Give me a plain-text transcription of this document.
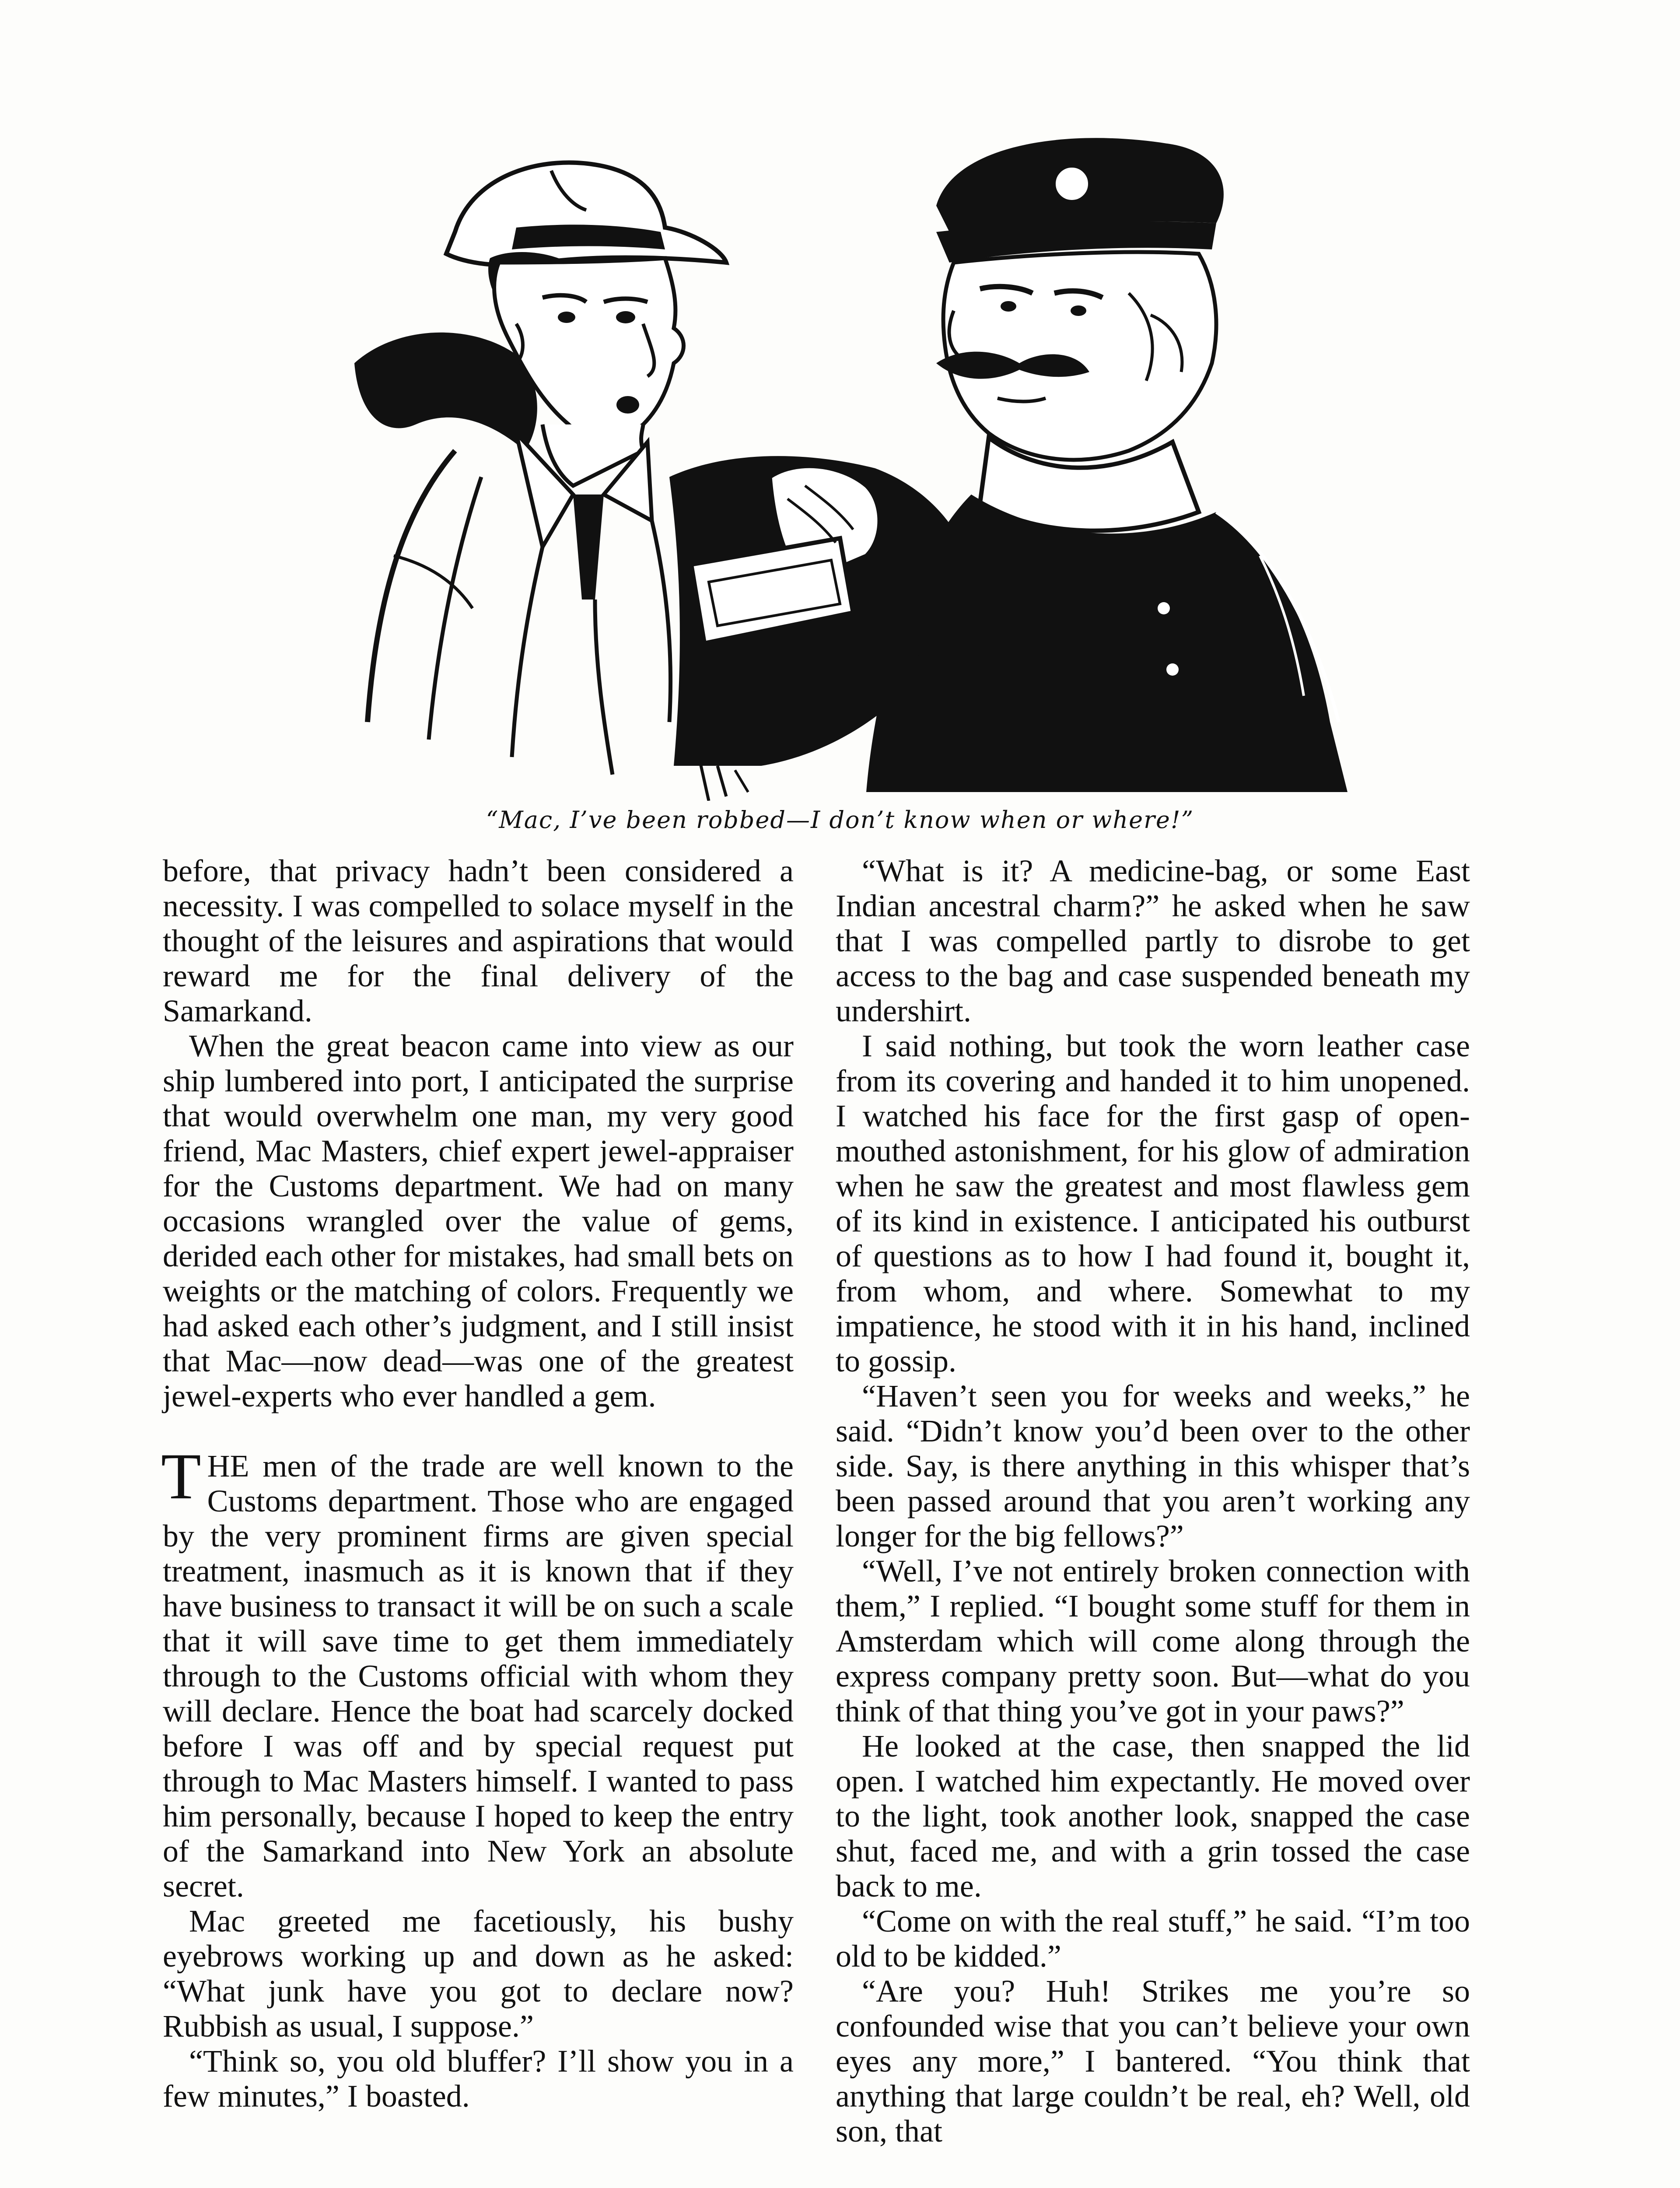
“Mac, I’ve been robbed—I don’t know when or where!”

before, that privacy hadn’t been considered a necessity. I was compelled to solace myself in the thought of the leisures and aspirations that would reward me for the final delivery of the Samarkand.

When the great beacon came into view as our ship lumbered into port, I anticipated the surprise that would overwhelm one man, my very good friend, Mac Masters, chief expert jewel-appraiser for the Customs department. We had on many occasions wrangled over the value of gems, derided each other for mistakes, had small bets on weights or the matching of colors. Frequently we had asked each other’s judgment, and I still insist that Mac—now dead—was one of the greatest jewel-experts who ever handled a gem.

THE men of the trade are well known to the Customs department. Those who are engaged by the very prominent firms are given special treatment, inasmuch as it is known that if they have business to transact it will be on such a scale that it will save time to get them immediately through to the Customs official with whom they will declare. Hence the boat had scarcely docked before I was off and by special request put through to Mac Masters himself. I wanted to pass him personally, because I hoped to keep the entry of the Samarkand into New York an absolute secret.

Mac greeted me facetiously, his bushy eyebrows working up and down as he asked: “What junk have you got to declare now? Rubbish as usual, I suppose.”

“Think so, you old bluffer? I’ll show you in a few minutes,” I boasted.

“What is it? A medicine-bag, or some East Indian ancestral charm?” he asked when he saw that I was compelled partly to disrobe to get access to the bag and case suspended beneath my undershirt.

I said nothing, but took the worn leather case from its covering and handed it to him unopened. I watched his face for the first gasp of open-mouthed astonishment, for his glow of admiration when he saw the greatest and most flawless gem of its kind in existence. I anticipated his outburst of questions as to how I had found it, bought it, from whom, and where. Somewhat to my impatience, he stood with it in his hand, inclined to gossip.

“Haven’t seen you for weeks and weeks,” he said. “Didn’t know you’d been over to the other side. Say, is there anything in this whisper that’s been passed around that you aren’t working any longer for the big fellows?”

“Well, I’ve not entirely broken connection with them,” I replied. “I bought some stuff for them in Amsterdam which will come along through the express company pretty soon. But—what do you think of that thing you’ve got in your paws?”

He looked at the case, then snapped the lid open. I watched him expectantly. He moved over to the light, took another look, snapped the case shut, faced me, and with a grin tossed the case back to me.

“Come on with the real stuff,” he said. “I’m too old to be kidded.”

“Are you? Huh! Strikes me you’re so confounded wise that you can’t believe your own eyes any more,” I bantered. “You think that anything that large couldn’t be real, eh? Well, old son, that
